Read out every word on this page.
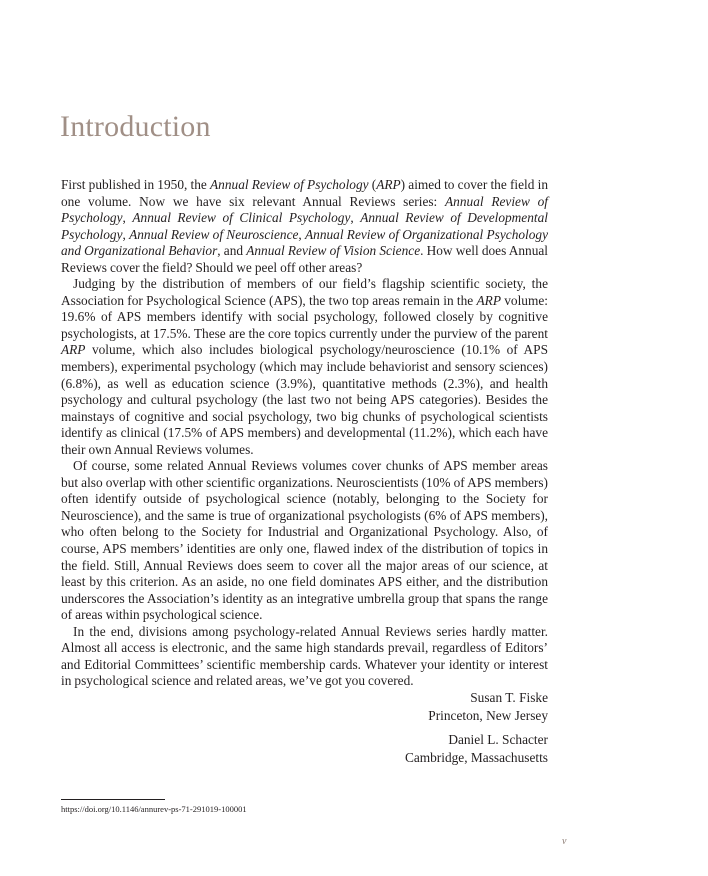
Introduction

First published in 1950, the Annual Review of Psychology (ARP) aimed to cover the field in one volume. Now we have six relevant Annual Reviews series: Annual Review of Psychology, Annual Review of Clinical Psychology, Annual Review of Developmental Psychology, Annual Review of Neuroscience, Annual Review of Organizational Psychology and Organizational Behavior, and Annual Review of Vision Science. How well does Annual Reviews cover the field? Should we peel off other areas?

Judging by the distribution of members of our field’s flagship scientific society, the Association for Psychological Science (APS), the two top areas remain in the ARP volume: 19.6% of APS members identify with social psychology, followed closely by cognitive psychologists, at 17.5%. These are the core topics currently under the purview of the parent ARP volume, which also includes biological psychology/neuroscience (10.1% of APS members), experimental psychology (which may include behaviorist and sensory sciences) (6.8%), as well as education science (3.9%), quantitative methods (2.3%), and health psychology and cultural psychology (the last two not being APS categories). Besides the mainstays of cognitive and social psychology, two big chunks of psychological scientists identify as clinical (17.5% of APS members) and developmental (11.2%), which each have their own Annual Reviews volumes.

Of course, some related Annual Reviews volumes cover chunks of APS member areas but also overlap with other scientific organizations. Neuroscientists (10% of APS members) often identify outside of psychological science (notably, belonging to the Society for Neuroscience), and the same is true of organizational psychologists (6% of APS members), who often belong to the Society for Industrial and Organizational Psychology. Also, of course, APS members’ identities are only one, flawed index of the distribution of topics in the field. Still, Annual Reviews does seem to cover all the major areas of our science, at least by this criterion. As an aside, no one field dominates APS either, and the distribution underscores the Association’s identity as an integrative umbrella group that spans the range of areas within psychological science.

In the end, divisions among psychology-related Annual Reviews series hardly matter. Almost all access is electronic, and the same high standards prevail, regardless of Editors’ and Editorial Committees’ scientific membership cards. Whatever your identity or interest in psychological science and related areas, we’ve got you covered.

Susan T. Fiske
Princeton, New Jersey
Daniel L. Schacter
Cambridge, Massachusetts
https://doi.org/10.1146/annurev-ps-71-291019-100001
v
